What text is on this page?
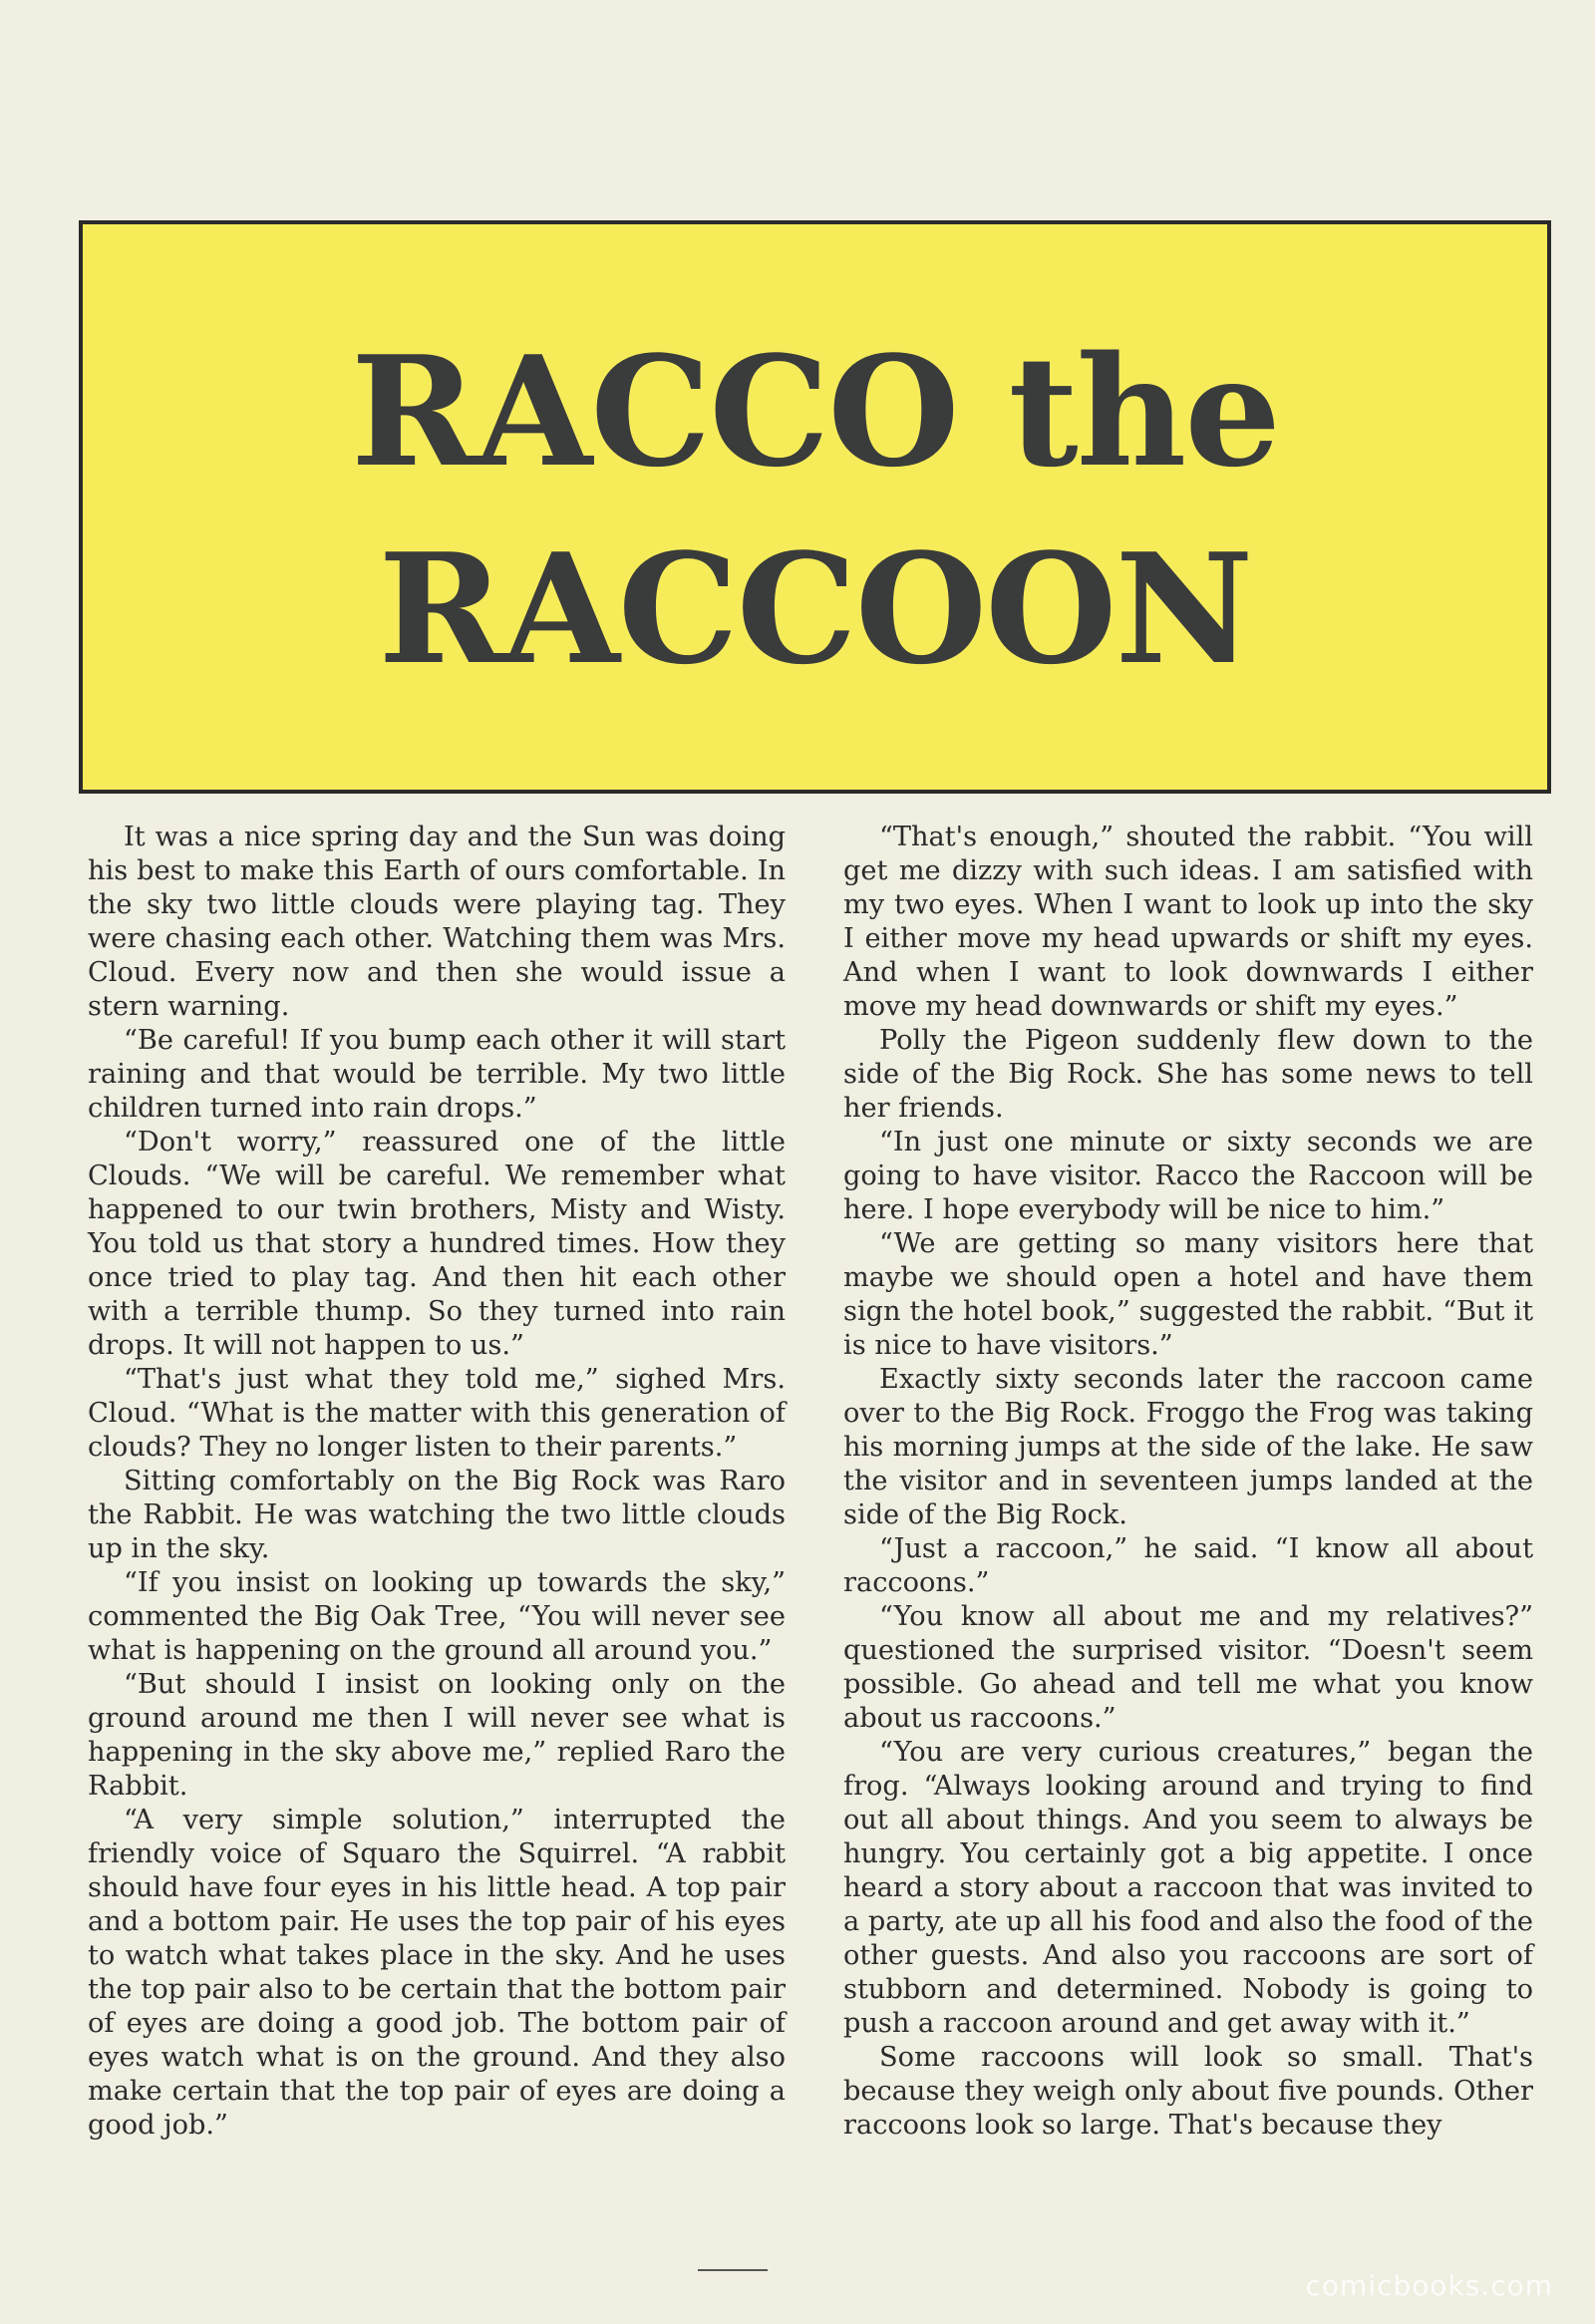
RACCO the
RACCOON

It was a nice spring day and the Sun was doing his best to make this Earth of ours comfortable. In the sky two little clouds were playing tag. They were chasing each other. Watching them was Mrs. Cloud. Every now and then she would issue a stern warning.

“Be careful! If you bump each other it will start raining and that would be terrible. My two little children turned into rain drops.”

“Don't worry,” reassured one of the little Clouds. “We will be careful. We remember what happened to our twin brothers, Misty and Wisty. You told us that story a hundred times. How they once tried to play tag. And then hit each other with a terrible thump. So they turned into rain drops. It will not happen to us.”

“That's just what they told me,” sighed Mrs. Cloud. “What is the matter with this generation of clouds? They no longer listen to their parents.”

Sitting comfortably on the Big Rock was Raro the Rabbit. He was watching the two little clouds up in the sky.

“If you insist on looking up towards the sky,” commented the Big Oak Tree, “You will never see what is happening on the ground all around you.”

“But should I insist on looking only on the ground around me then I will never see what is happening in the sky above me,” replied Raro the Rabbit.

“A very simple solution,” interrupted the friendly voice of Squaro the Squirrel. “A rabbit should have four eyes in his little head. A top pair and a bottom pair. He uses the top pair of his eyes to watch what takes place in the sky. And he uses the top pair also to be certain that the bottom pair of eyes are doing a good job. The bottom pair of eyes watch what is on the ground. And they also make certain that the top pair of eyes are doing a good job.”

“That's enough,” shouted the rabbit. “You will get me dizzy with such ideas. I am satisfied with my two eyes. When I want to look up into the sky I either move my head upwards or shift my eyes. And when I want to look downwards I either move my head downwards or shift my eyes.”

Polly the Pigeon suddenly flew down to the side of the Big Rock. She has some news to tell her friends.

“In just one minute or sixty seconds we are going to have visitor. Racco the Raccoon will be here. I hope everybody will be nice to him.”

“We are getting so many visitors here that maybe we should open a hotel and have them sign the hotel book,” suggested the rabbit. “But it is nice to have visitors.”

Exactly sixty seconds later the raccoon came over to the Big Rock. Froggo the Frog was taking his morning jumps at the side of the lake. He saw the visitor and in seventeen jumps landed at the side of the Big Rock.

“Just a raccoon,” he said. “I know all about raccoons.”

“You know all about me and my relatives?” questioned the surprised visitor. “Doesn't seem possible. Go ahead and tell me what you know about us raccoons.”

“You are very curious creatures,” began the frog. “Always looking around and trying to find out all about things. And you seem to always be hungry. You certainly got a big appetite. I once heard a story about a raccoon that was invited to a party, ate up all his food and also the food of the other guests. And also you raccoons are sort of stubborn and determined. Nobody is going to push a raccoon around and get away with it.”

Some raccoons will look so small. That's because they weigh only about five pounds. Other raccoons look so large. That's because they

comicbooks.com
